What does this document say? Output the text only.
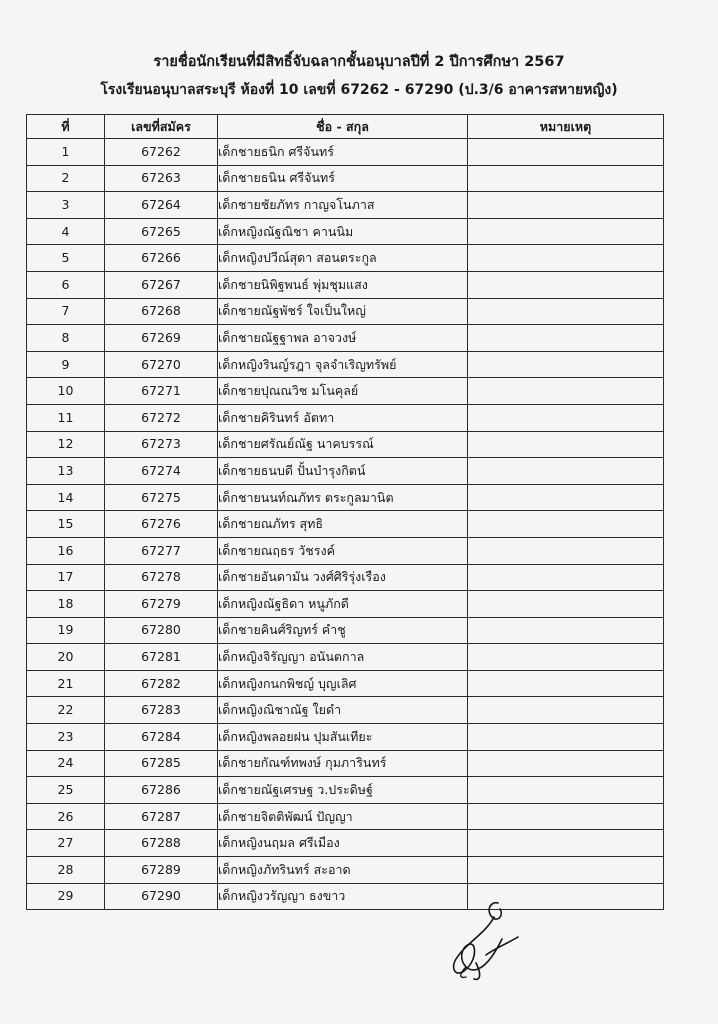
รายชื่อนักเรียนที่มีสิทธิ์จับฉลากชั้นอนุบาลปีที่ 2 ปีการศึกษา 2567
โรงเรียนอนุบาลสระบุรี ห้องที่ 10 เลขที่ 67262 - 67290 (ป.3/6 อาคารสหายหญิง)
ที่	เลขที่สมัคร	ชื่อ - สกุล	หมายเหตุ
1	67262	เด็กชายธนิก ศรีจันทร์	
2	67263	เด็กชายธนิน ศรีจันทร์	
3	67264	เด็กชายชัยภัทร กาญจโนภาส	
4	67265	เด็กหญิงณัฐณิชา คานนิม	
5	67266	เด็กหญิงปวีณ์สุดา สอนตระกูล	
6	67267	เด็กชายนิพิฐพนธ์ พุ่มชุมแสง	
7	67268	เด็กชายณัฐพัชร์ ใจเป็นใหญ่	
8	67269	เด็กชายณัฐฐาพล อาจวงษ์	
9	67270	เด็กหญิงรินญ์รฎา จุลจำเริญทรัพย์	
10	67271	เด็กชายปุณณวิช มโนคุลย์	
11	67272	เด็กชายคิรินทร์ อัตทา	
12	67273	เด็กชายศรัณย์ณัฐ นาคบรรณ์	
13	67274	เด็กชายธนบดี ปั้นบำรุงกิตน์	
14	67275	เด็กชายนนท์ณภัทร ตระกูลมานิต	
15	67276	เด็กชายณภัทร สุทธิ	
16	67277	เด็กชายณฤธร วัชรงค์	
17	67278	เด็กชายอันดามัน วงศ์ศิริรุ่งเรือง	
18	67279	เด็กหญิงณัฐธิดา หนูภักดี	
19	67280	เด็กชายคินศ์ริญทร์ คำชู	
20	67281	เด็กหญิงจิรัญญา อนันตกาล	
21	67282	เด็กหญิงกนกพิชญ์ บุญเลิศ	
22	67283	เด็กหญิงณิชาณัฐ ใยดำ	
23	67284	เด็กหญิงพลอยฝน ปุมสันเทียะ	
24	67285	เด็กชายกัณฑ์ทพงษ์ กุมภารินทร์	
25	67286	เด็กชายณัฐเศรษฐ ว.ประดิษฐ์	
26	67287	เด็กชายจิตติพัฒน์ ปัญญา	
27	67288	เด็กหญิงนฤมล ศรีเมือง	
28	67289	เด็กหญิงภัทรินทร์ สะอาด	
29	67290	เด็กหญิงวรัญญา ธงขาว	
